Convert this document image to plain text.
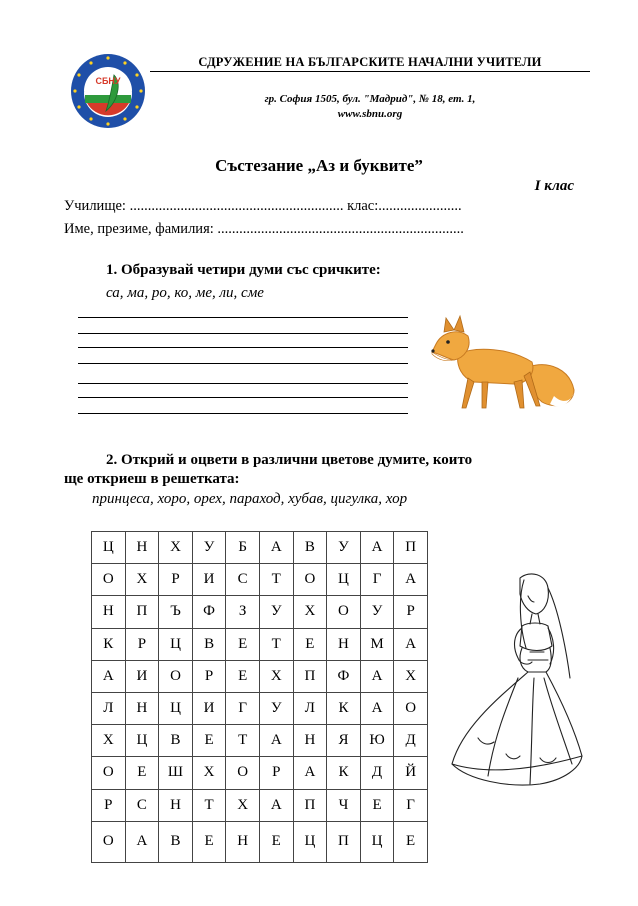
СБНУ
СДРУЖЕНИЕ НА БЪЛГАРСКИТЕ НАЧАЛНИ УЧИТЕЛИ
гр. София 1505, бул. "Мадрид", № 18, ет. 1,
www.sbnu.org
Състезание „Аз и буквите”
I клас
Училище: ........................................................... клас:.......................
Име, презиме, фамилия: ....................................................................
1. Образувай четири думи със сричките:
са, ма, ро, ко, ме, ли, сме
2. Открий и оцвети в различни цветове думите, които
ще откриеш в решетката:
принцеса, хоро, орех, параход, хубав, цигулка, хор
Ц	Н	Х	У	Б	А	В	У	А	П
О	Х	Р	И	С	Т	О	Ц	Г	А
Н	П	Ъ	Ф	З	У	Х	О	У	Р
К	Р	Ц	В	Е	Т	Е	Н	М	А
А	И	О	Р	Е	Х	П	Ф	А	Х
Л	Н	Ц	И	Г	У	Л	К	А	О
Х	Ц	В	Е	Т	А	Н	Я	Ю	Д
О	Е	Ш	Х	О	Р	А	К	Д	Й
Р	С	Н	Т	Х	А	П	Ч	Е	Г
О	А	В	Е	Н	Е	Ц	П	Ц	Е
